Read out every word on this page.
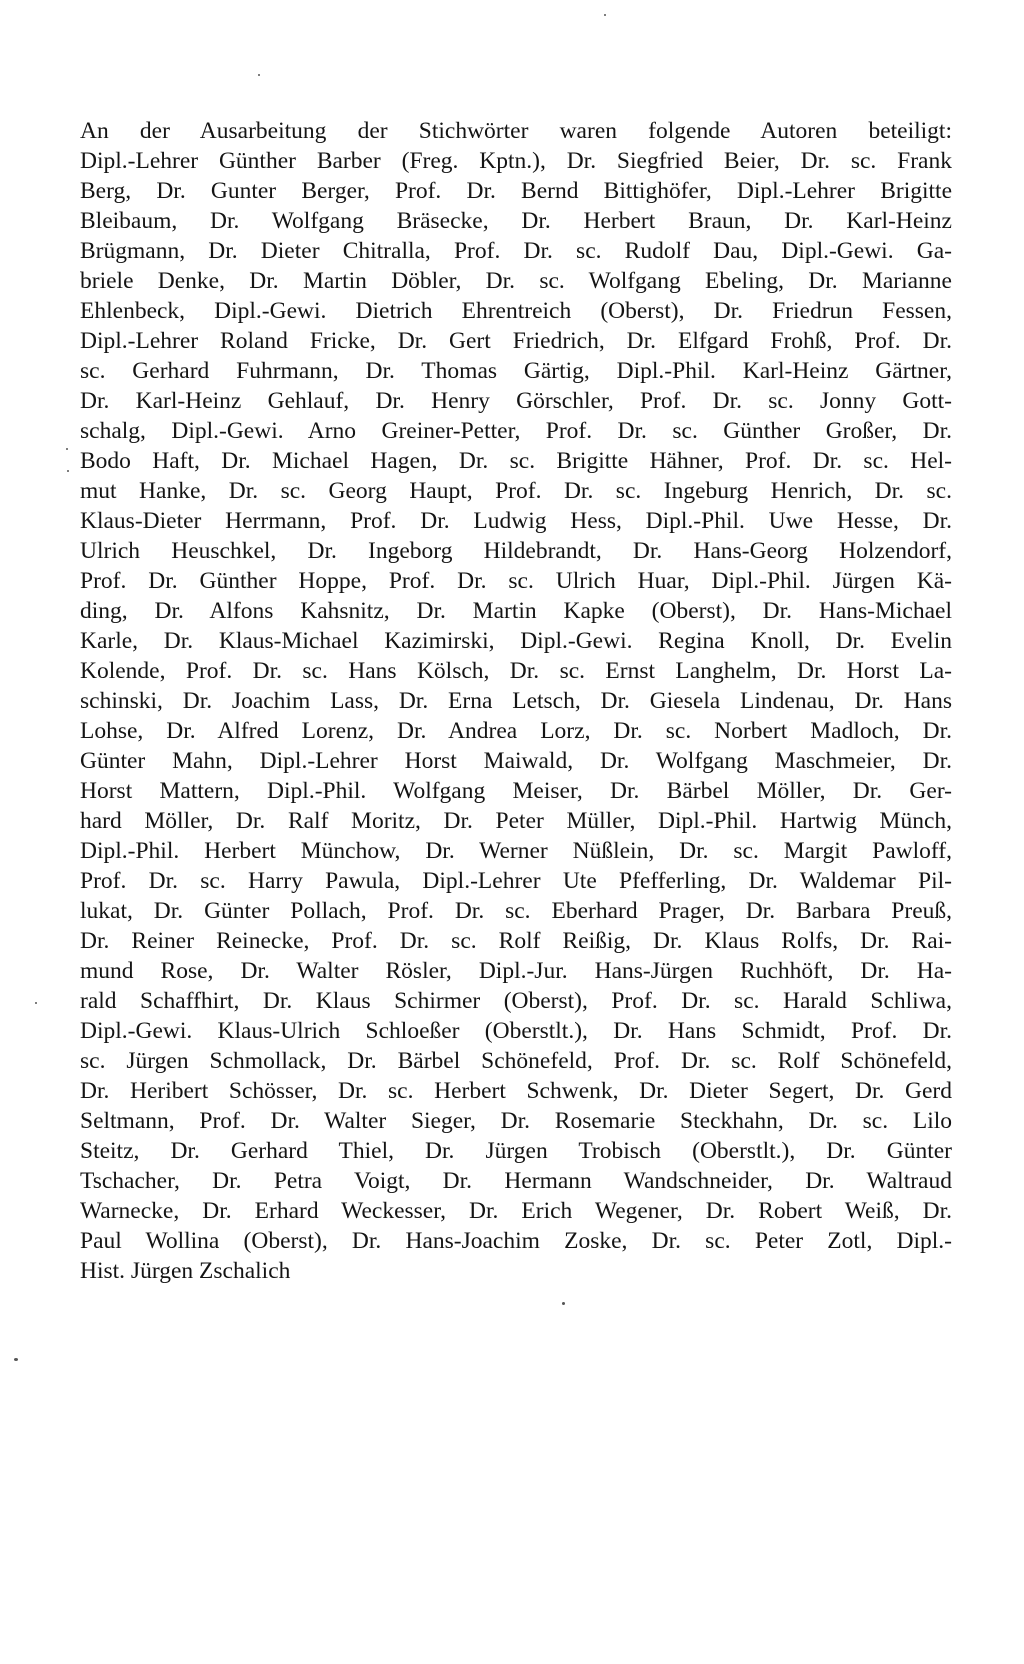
An der Ausarbeitung der Stichwörter waren folgende Autoren beteiligt:
Dipl.-Lehrer Günther Barber (Freg. Kptn.), Dr. Siegfried Beier, Dr. sc. Frank
Berg, Dr. Gunter Berger, Prof. Dr. Bernd Bittighöfer, Dipl.-Lehrer Brigitte
Bleibaum, Dr. Wolfgang Bräsecke, Dr. Herbert Braun, Dr. Karl-Heinz
Brügmann, Dr. Dieter Chitralla, Prof. Dr. sc. Rudolf Dau, Dipl.-Gewi. Ga-
briele Denke, Dr. Martin Döbler, Dr. sc. Wolfgang Ebeling, Dr. Marianne
Ehlenbeck, Dipl.-Gewi. Dietrich Ehrentreich (Oberst), Dr. Friedrun Fessen,
Dipl.-Lehrer Roland Fricke, Dr. Gert Friedrich, Dr. Elfgard Frohß, Prof. Dr.
sc. Gerhard Fuhrmann, Dr. Thomas Gärtig, Dipl.-Phil. Karl-Heinz Gärtner,
Dr. Karl-Heinz Gehlauf, Dr. Henry Görschler, Prof. Dr. sc. Jonny Gott-
schalg, Dipl.-Gewi. Arno Greiner-Petter, Prof. Dr. sc. Günther Großer, Dr.
Bodo Haft, Dr. Michael Hagen, Dr. sc. Brigitte Hähner, Prof. Dr. sc. Hel-
mut Hanke, Dr. sc. Georg Haupt, Prof. Dr. sc. Ingeburg Henrich, Dr. sc.
Klaus-Dieter Herrmann, Prof. Dr. Ludwig Hess, Dipl.-Phil. Uwe Hesse, Dr.
Ulrich Heuschkel, Dr. Ingeborg Hildebrandt, Dr. Hans-Georg Holzendorf,
Prof. Dr. Günther Hoppe, Prof. Dr. sc. Ulrich Huar, Dipl.-Phil. Jürgen Kä-
ding, Dr. Alfons Kahsnitz, Dr. Martin Kapke (Oberst), Dr. Hans-Michael
Karle, Dr. Klaus-Michael Kazimirski, Dipl.-Gewi. Regina Knoll, Dr. Evelin
Kolende, Prof. Dr. sc. Hans Kölsch, Dr. sc. Ernst Langhelm, Dr. Horst La-
schinski, Dr. Joachim Lass, Dr. Erna Letsch, Dr. Giesela Lindenau, Dr. Hans
Lohse, Dr. Alfred Lorenz, Dr. Andrea Lorz, Dr. sc. Norbert Madloch, Dr.
Günter Mahn, Dipl.-Lehrer Horst Maiwald, Dr. Wolfgang Maschmeier, Dr.
Horst Mattern, Dipl.-Phil. Wolfgang Meiser, Dr. Bärbel Möller, Dr. Ger-
hard Möller, Dr. Ralf Moritz, Dr. Peter Müller, Dipl.-Phil. Hartwig Münch,
Dipl.-Phil. Herbert Münchow, Dr. Werner Nüßlein, Dr. sc. Margit Pawloff,
Prof. Dr. sc. Harry Pawula, Dipl.-Lehrer Ute Pfefferling, Dr. Waldemar Pil-
lukat, Dr. Günter Pollach, Prof. Dr. sc. Eberhard Prager, Dr. Barbara Preuß,
Dr. Reiner Reinecke, Prof. Dr. sc. Rolf Reißig, Dr. Klaus Rolfs, Dr. Rai-
mund Rose, Dr. Walter Rösler, Dipl.-Jur. Hans-Jürgen Ruchhöft, Dr. Ha-
rald Schaffhirt, Dr. Klaus Schirmer (Oberst), Prof. Dr. sc. Harald Schliwa,
Dipl.-Gewi. Klaus-Ulrich Schloeßer (Oberstlt.), Dr. Hans Schmidt, Prof. Dr.
sc. Jürgen Schmollack, Dr. Bärbel Schönefeld, Prof. Dr. sc. Rolf Schönefeld,
Dr. Heribert Schösser, Dr. sc. Herbert Schwenk, Dr. Dieter Segert, Dr. Gerd
Seltmann, Prof. Dr. Walter Sieger, Dr. Rosemarie Steckhahn, Dr. sc. Lilo
Steitz, Dr. Gerhard Thiel, Dr. Jürgen Trobisch (Oberstlt.), Dr. Günter
Tschacher, Dr. Petra Voigt, Dr. Hermann Wandschneider, Dr. Waltraud
Warnecke, Dr. Erhard Weckesser, Dr. Erich Wegener, Dr. Robert Weiß, Dr.
Paul Wollina (Oberst), Dr. Hans-Joachim Zoske, Dr. sc. Peter Zotl, Dipl.-
Hist. Jürgen Zschalich
